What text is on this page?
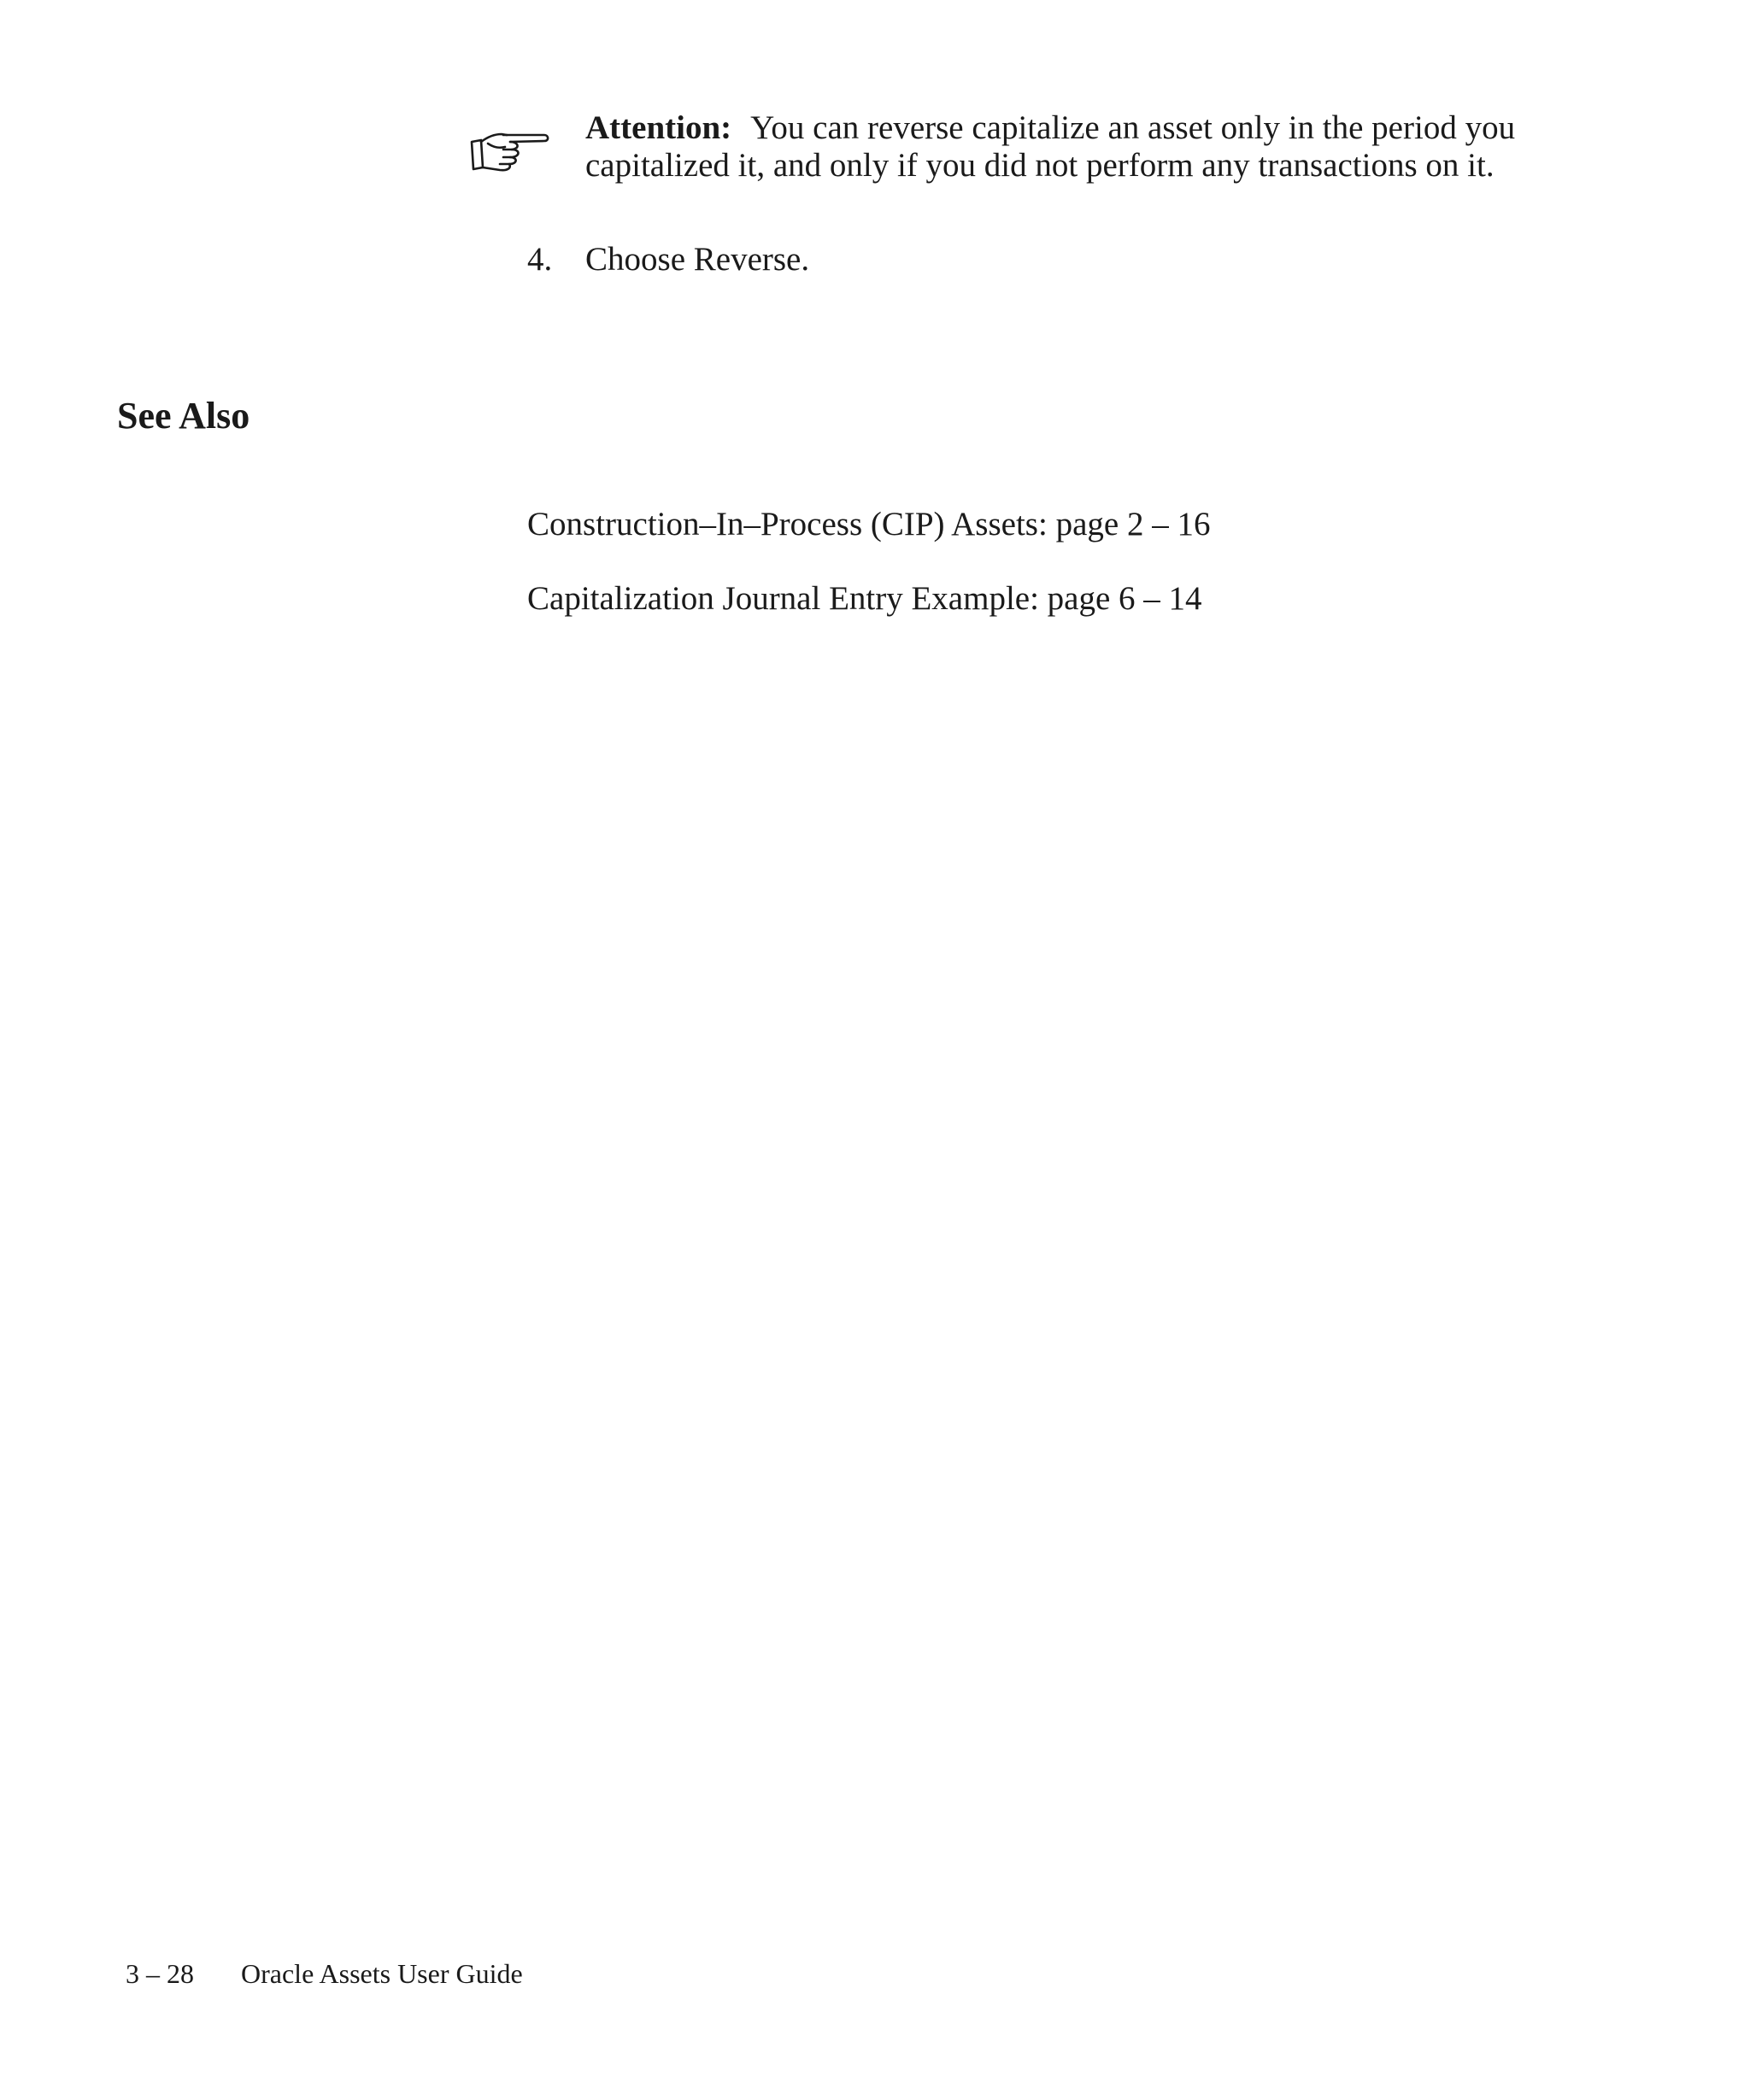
Attention: You can reverse capitalize an asset only in the period you capitalized it, and only if you did not perform any transactions on it.

4. Choose Reverse.
See Also
Construction–In–Process (CIP) Assets: page 2 – 16
Capitalization Journal Entry Example: page 6 – 14
3 – 28 Oracle Assets User Guide
